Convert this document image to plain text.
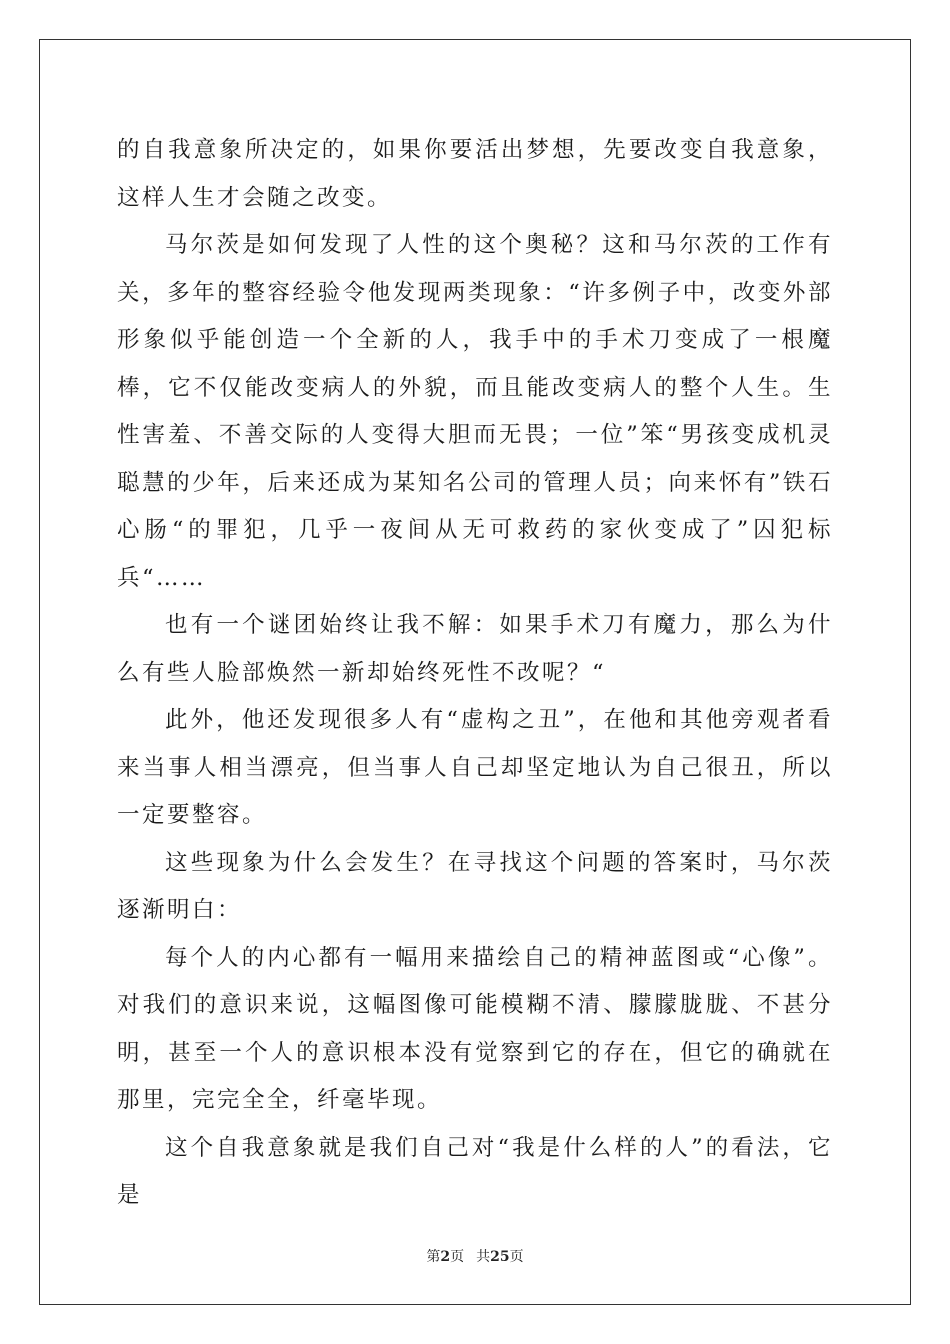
的自我意象所决定的，如果你要活出梦想，先要改变自我意象，这样人生才会随之改变。

马尔茨是如何发现了人性的这个奥秘？这和马尔茨的工作有关，多年的整容经验令他发现两类现象：“许多例子中，改变外部形象似乎能创造一个全新的人，我手中的手术刀变成了一根魔棒，它不仅能改变病人的外貌，而且能改变病人的整个人生。生性害羞、不善交际的人变得大胆而无畏；一位”笨“男孩变成机灵聪慧的少年，后来还成为某知名公司的管理人员；向来怀有”铁石心肠“的罪犯，几乎一夜间从无可救药的家伙变成了”囚犯标兵“……

也有一个谜团始终让我不解：如果手术刀有魔力，那么为什么有些人脸部焕然一新却始终死性不改呢？“

此外，他还发现很多人有“虚构之丑”，在他和其他旁观者看来当事人相当漂亮，但当事人自己却坚定地认为自己很丑，所以一定要整容。

这些现象为什么会发生？在寻找这个问题的答案时，马尔茨逐渐明白：

每个人的内心都有一幅用来描绘自己的精神蓝图或“心像”。对我们的意识来说，这幅图像可能模糊不清、朦朦胧胧、不甚分明，甚至一个人的意识根本没有觉察到它的存在，但它的确就在那里，完完全全，纤毫毕现。

这个自我意象就是我们自己对“我是什么样的人”的看法，它是

第2页 共25页
